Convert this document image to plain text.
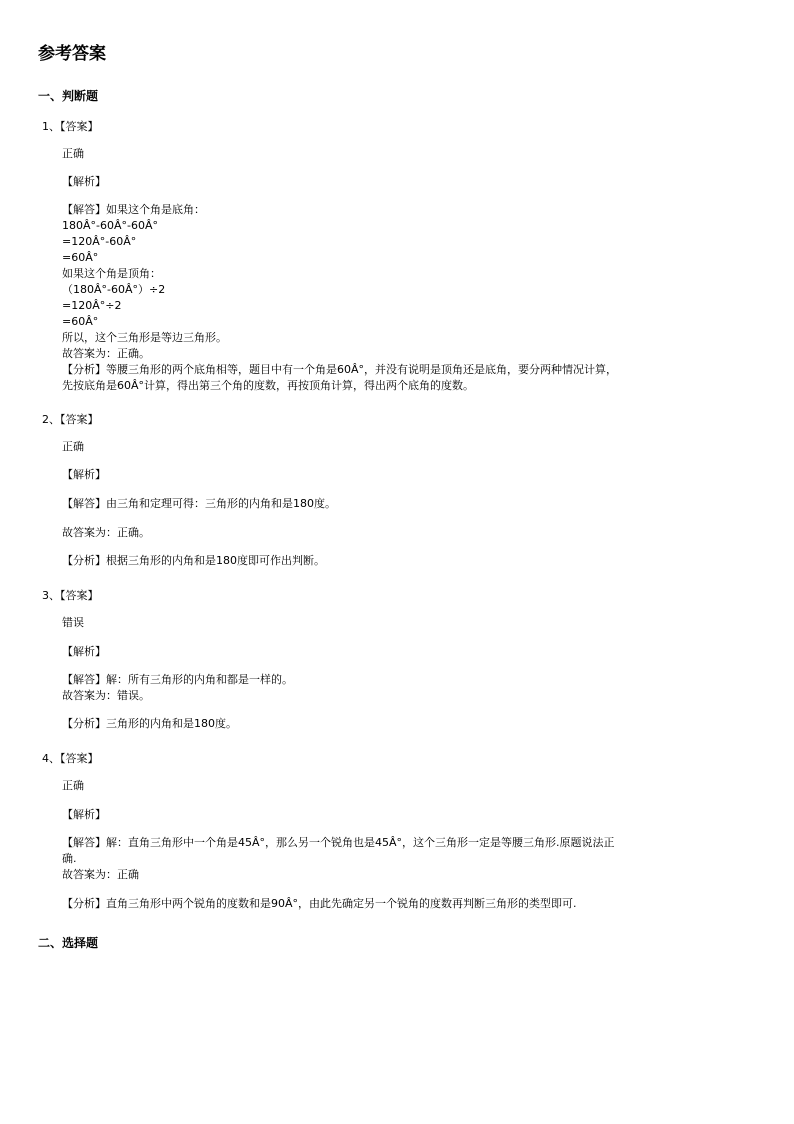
参考答案
一、判断题
1、【答案】
正确
【解析】
【解答】如果这个角是底角：
180Â°-60Â°-60Â°
=120Â°-60Â°
=60Â°
如果这个角是顶角：
（180Â°-60Â°）÷2
=120Â°÷2
=60Â°
所以，这个三角形是等边三角形。
故答案为：正确。
【分析】等腰三角形的两个底角相等，题目中有一个角是60Â°，并没有说明是顶角还是底角，要分两种情况计算，
先按底角是60Â°计算，得出第三个角的度数，再按顶角计算，得出两个底角的度数。
2、【答案】
正确
【解析】
【解答】由三角和定理可得：三角形的内角和是180度。
故答案为：正确。
【分析】根据三角形的内角和是180度即可作出判断。
3、【答案】
错误
【解析】
【解答】解：所有三角形的内角和都是一样的。
故答案为：错误。
【分析】三角形的内角和是180度。
4、【答案】
正确
【解析】
【解答】解：直角三角形中一个角是45Â°，那么另一个锐角也是45Â°，这个三角形一定是等腰三角形.原题说法正
确.
故答案为：正确
【分析】直角三角形中两个锐角的度数和是90Â°，由此先确定另一个锐角的度数再判断三角形的类型即可.
二、选择题
